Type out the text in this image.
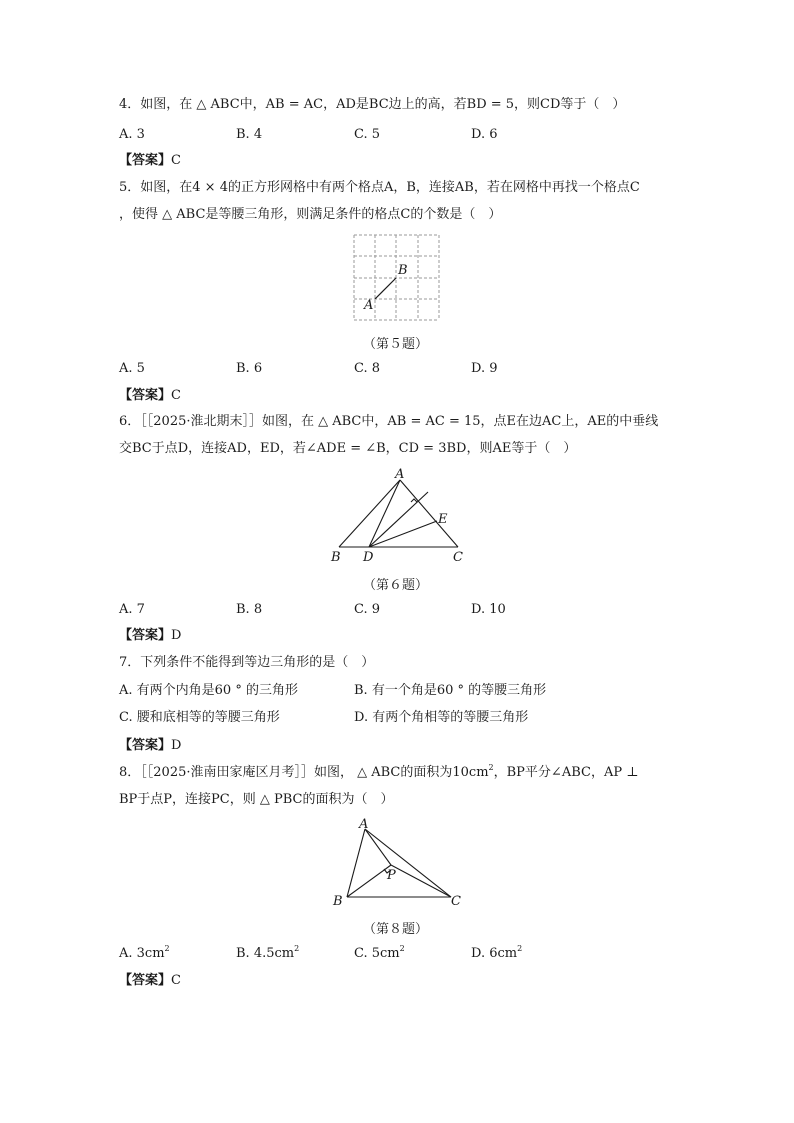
4．如图，在 △ ABC中，AB = AC，AD是BC边上的高，若BD = 5，则CD等于（　）
A. 3	B. 4	C. 5	D. 6
【答案】C
5．如图，在4 × 4的正方形网格中有两个格点A，B，连接AB，若在网格中再找一个格点C
，使得 △ ABC是等腰三角形，则满足条件的格点C的个数是（　）
A
B
（第５题）
A. 5	B. 6	C. 8	D. 9
【答案】C
6．［［2025·淮北期末］］如图，在 △ ABC中，AB = AC = 15，点E在边AC上，AE的中垂线
交BC于点D，连接AD，ED，若∠ADE = ∠B，CD = 3BD，则AE等于（　）
A
B	C
D
E
（第６题）
A. 7	B. 8	C. 9	D. 10
【答案】D
7．下列条件不能得到等边三角形的是（　）
A. 有两个内角是60 ° 的三角形	B. 有一个角是60 ° 的等腰三角形
C. 腰和底相等的等腰三角形	D. 有两个角相等的等腰三角形
【答案】D
8．［［2025·淮南田家庵区月考］］如图， △ ABC的面积为$10cm^2$，BP平分∠ABC，AP ⊥
BP于点P，连接PC，则 △ PBC的面积为（　）
A
B	C
P
（第８题）
A. $3cm^2$	B. $4.5cm^2$	C. $5cm^2$	D. $6cm^2$
【答案】C
